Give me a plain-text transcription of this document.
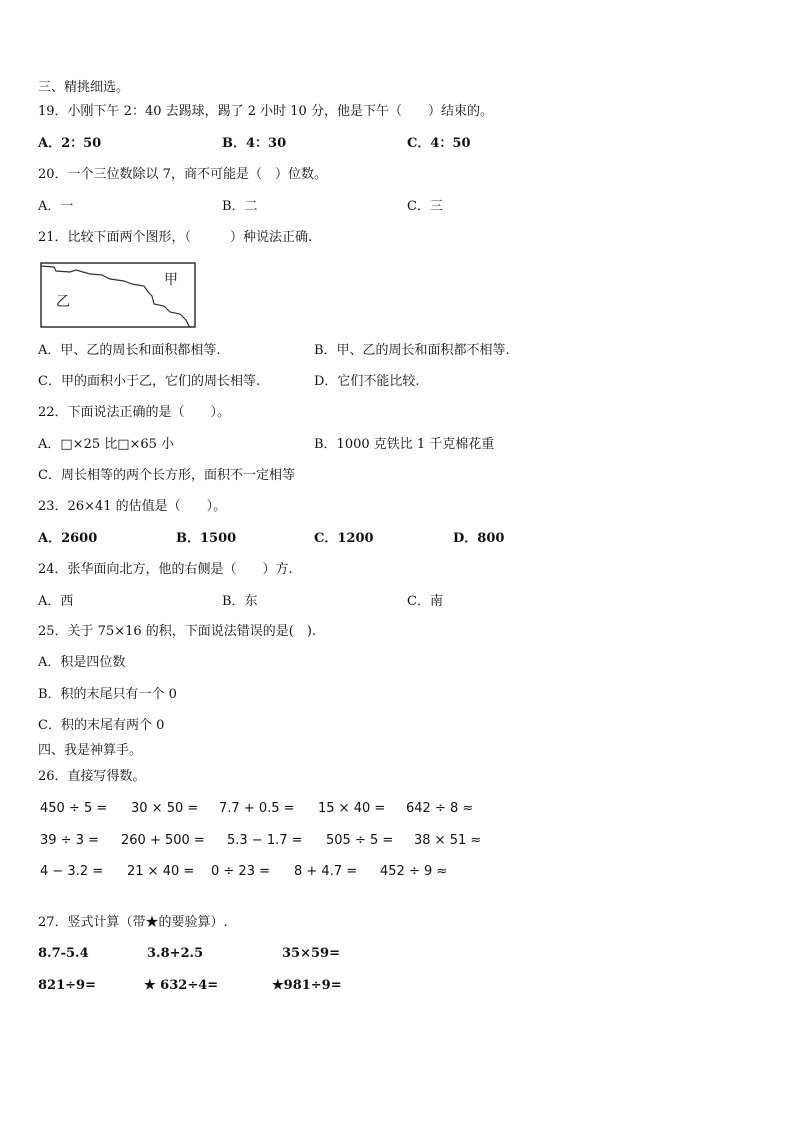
三、精挑细选。
19．小刚下午 2：40 去踢球，踢了 2 小时 10 分，他是下午（　　）结束的。
A．2：50	B．4：30	C．4：50
20．一个三位数除以 7，商不可能是（　）位数。
A．一	B．二	C．三
21．比较下面两个图形，（　　　）种说法正确.
甲
乙
A．甲、乙的周长和面积都相等.	B．甲、乙的周长和面积都不相等.
C．甲的面积小于乙，它们的周长相等.	D．它们不能比较.
22．下面说法正确的是（　　）。
A．□×25 比□×65 小	B．1000 克铁比 1 千克棉花重
C．周长相等的两个长方形，面积不一定相等
23．26×41 的估值是（　　）。
A．2600	B．1500	C．1200	D．800
24．张华面向北方，他的右侧是（　　）方.
A．西	B．东	C．南
25．关于 75×16 的积，下面说法错误的是(　).
A．积是四位数
B．积的末尾只有一个 0
C．积的末尾有两个 0
四、我是神算手。
26．直接写得数。
450 ÷ 5 = 30 × 50 = 7.7 + 0.5 = 15 × 40 = 642 ÷ 8 ≈
39 ÷ 3 = 260 + 500 = 5.3 − 1.7 = 505 ÷ 5 = 38 × 51 ≈
4 − 3.2 = 21 × 40 = 0 ÷ 23 = 8 + 4.7 = 452 ÷ 9 ≈
27．竖式计算（带★的要验算）.
8.7-5.4	3.8+2.5	35×59=
821÷9=	★ 632÷4=	★981÷9=
